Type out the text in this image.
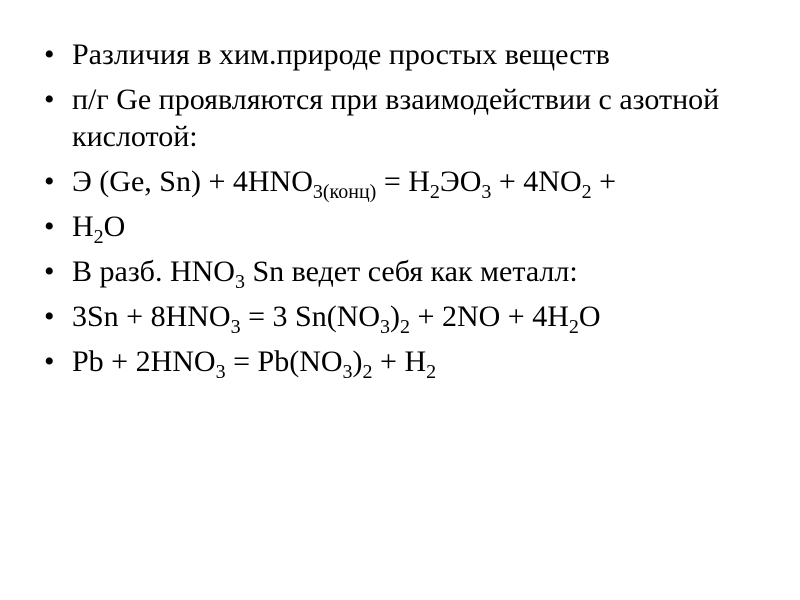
• Различия в хим.природе простых веществ
• п/г Ge проявляются при взаимодействии с азотной кислотой:
• Э (Ge, $Sn) + 4HNO_{3(конц)} = H_2ЭO_3 + 4NO_2$ +
• $H_2O$
• В разб. $HNO_3$ Sn ведет себя как металл:
• $3Sn + 8HNO_3 = 3$ $Sn(NO_3)_2 + 2NO + 4H_2O$
• $Pb + 2HNO_3 = Pb(NO_3)_2 + H_2$
